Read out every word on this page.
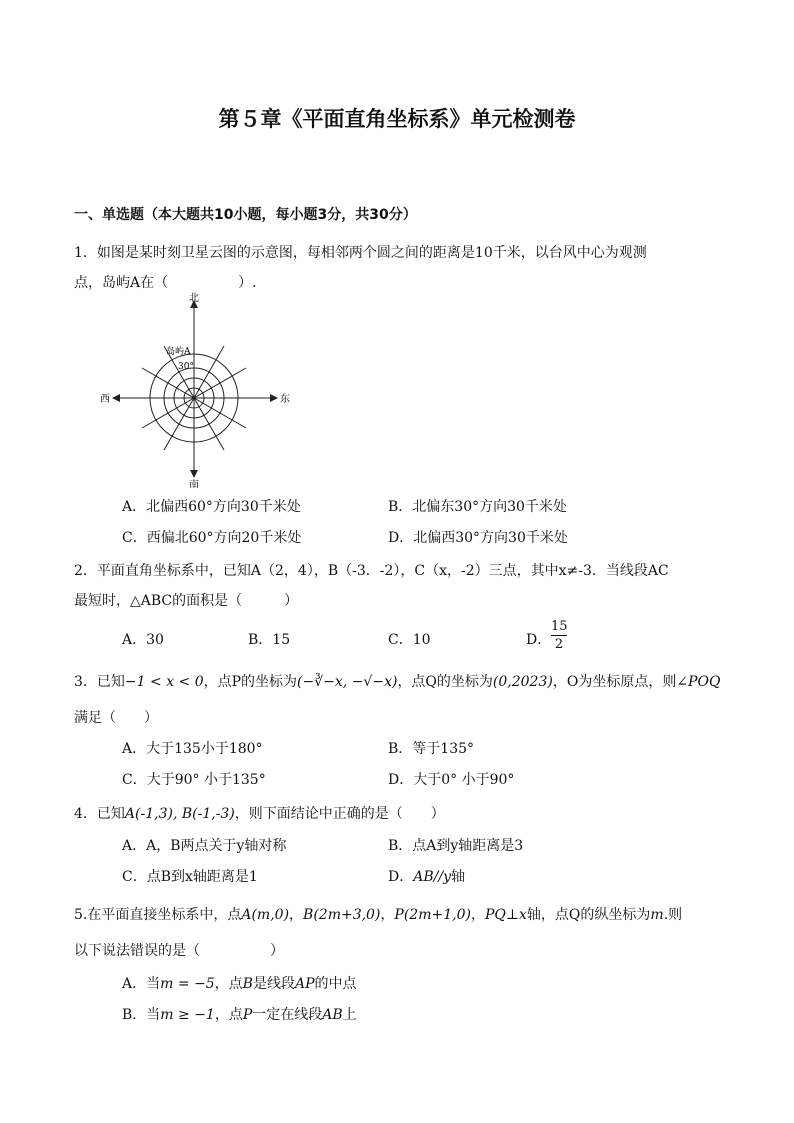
第５章《平面直角坐标系》单元检测卷
一、单选题（本大题共10小题，每小题3分，共30分）
1．如图是某时刻卫星云图的示意图，每相邻两个圆之间的距离是10千米，以台风中心为观测
点，岛屿A在（　　　　　）.
北
南
西	东
岛屿A
30°
A．北偏西60°方向30千米处	B．北偏东30°方向30千米处
C．西偏北60°方向20千米处	D．北偏西30°方向30千米处
2．平面直角坐标系中，已知A（2，4），B（-3．-2），C（x，-2）三点，其中x≠-3．当线段AC
最短时，△ABC的面积是（　　　）
A．30	B．15	C．10	D．
15
2
3．已知−1 < x < 0，点P的坐标为(−∛−x, −√−x)，点Q的坐标为(0,2023)，O为坐标原点，则∠POQ
满足（　　）
A．大于135小于180°	B．等于135°
C．大于90° 小于135°	D．大于0° 小于90°
4．已知A(-1,3), B(-1,-3)，则下面结论中正确的是（　　）
A．A，B两点关于y轴对称	B．点A到y轴距离是3
C．点B到x轴距离是1	D．AB//y轴
5.在平面直接坐标系中，点A(m,0)，B(2m+3,0)，P(2m+1,0)，PQ⊥x轴，点Q的纵坐标为m.则
以下说法错误的是（　　　　　）
A．当m = −5，点B是线段AP的中点
B．当m ≥ −1，点P一定在线段AB上
